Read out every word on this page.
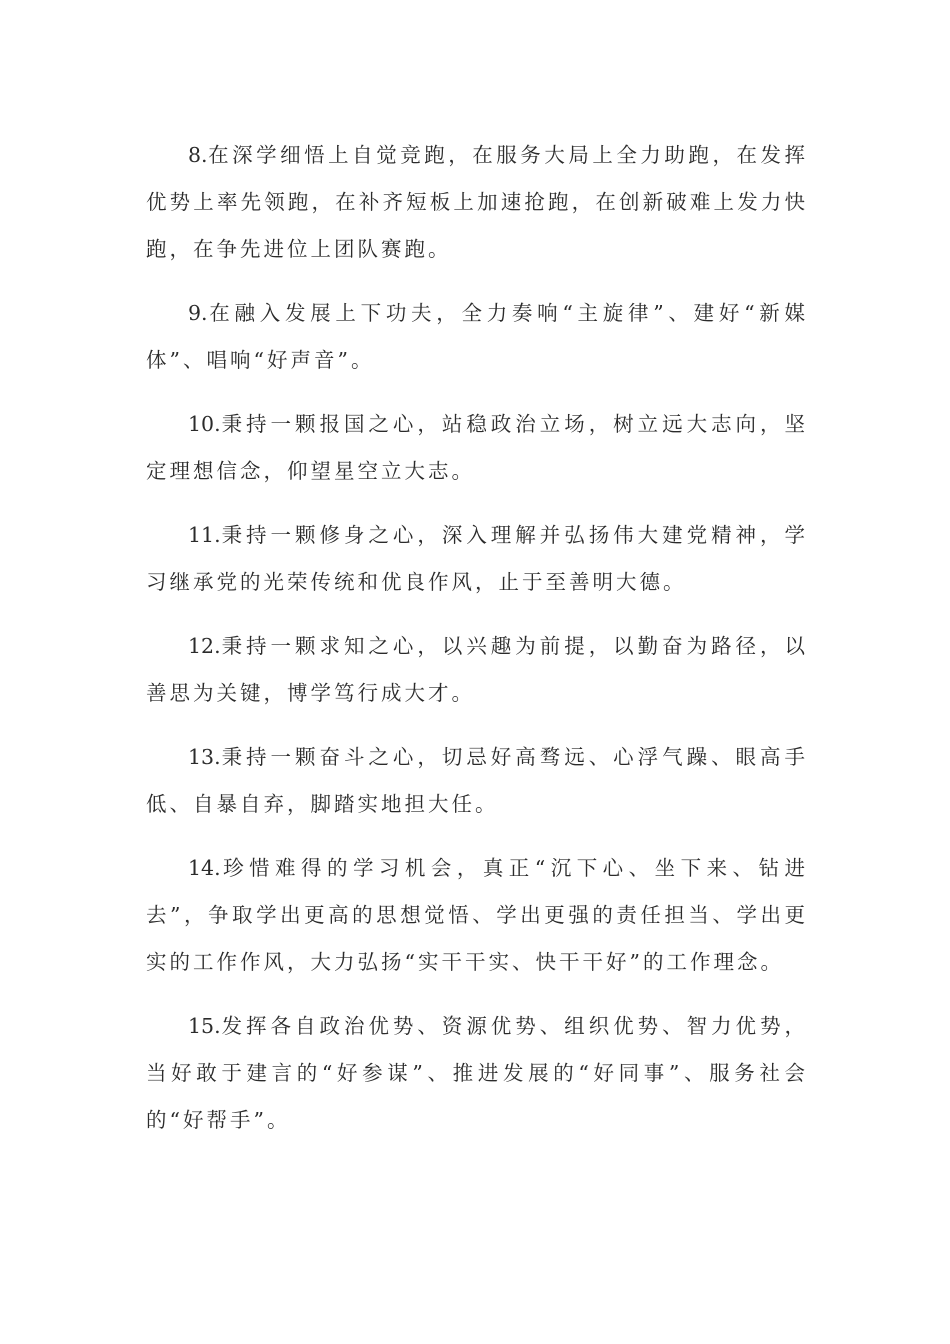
8.在深学细悟上自觉竞跑，在服务大局上全力助跑，在发挥优势上率先领跑，在补齐短板上加速抢跑，在创新破难上发力快跑，在争先进位上团队赛跑。

9.在融入发展上下功夫，全力奏响“主旋律”、建好“新媒体”、唱响“好声音”。

10.秉持一颗报国之心，站稳政治立场，树立远大志向，坚定理想信念，仰望星空立大志。

11.秉持一颗修身之心，深入理解并弘扬伟大建党精神，学习继承党的光荣传统和优良作风，止于至善明大德。

12.秉持一颗求知之心，以兴趣为前提，以勤奋为路径，以善思为关键，博学笃行成大才。

13.秉持一颗奋斗之心，切忌好高骛远、心浮气躁、眼高手低、自暴自弃，脚踏实地担大任。

14.珍惜难得的学习机会，真正“沉下心、坐下来、钻进去”，争取学出更高的思想觉悟、学出更强的责任担当、学出更实的工作作风，大力弘扬“实干干实、快干干好”的工作理念。

15.发挥各自政治优势、资源优势、组织优势、智力优势，当好敢于建言的“好参谋”、推进发展的“好同事”、服务社会的“好帮手”。
